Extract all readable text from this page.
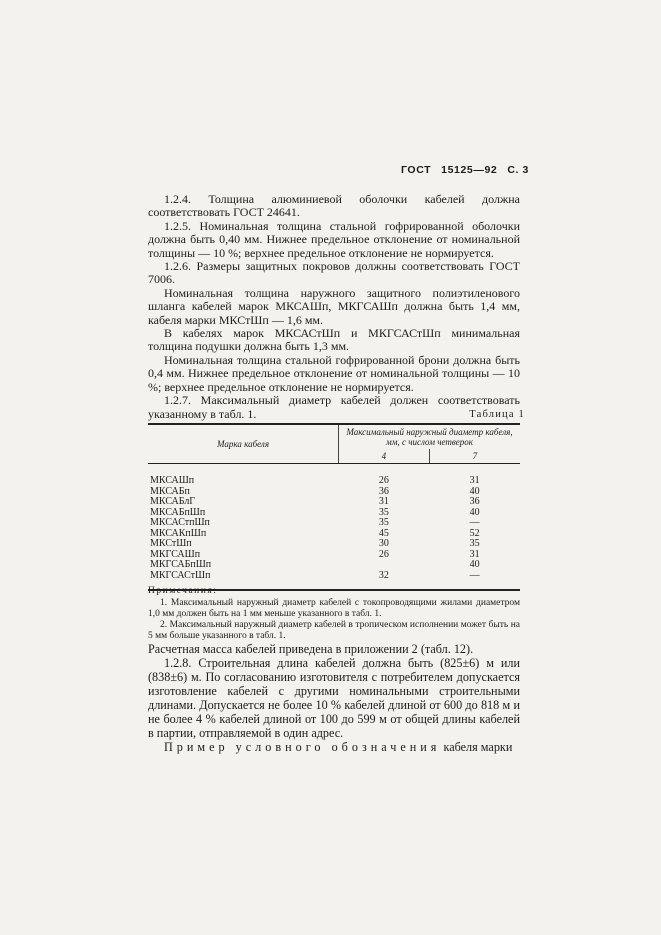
ГОСТ 15125—92 С. 3

1.2.4. Толщина алюминиевой оболочки кабелей должна соответствовать ГОСТ 24641.

1.2.5. Номинальная толщина стальной гофрированной оболочки должна быть 0,40 мм. Нижнее предельное отклонение от номинальной толщины — 10 %; верхнее предельное отклонение не нормируется.

1.2.6. Размеры защитных покровов должны соответствовать ГОСТ 7006.

Номинальная толщина наружного защитного полиэтиленового шланга кабелей марок МКСАШп, МКГСАШп должна быть 1,4 мм, кабеля марки МКСтШп — 1,6 мм.

В кабелях марок МКСАСтШп и МКГСАСтШп минимальная толщина подушки должна быть 1,3 мм.

Номинальная толщина стальной гофрированной брони должна быть 0,4 мм. Нижнее предельное отклонение от номинальной толщины — 10 %; верхнее предельное отклонение не нормируется.

1.2.7. Максимальный диаметр кабелей должен соответствовать указанному в табл. 1.	Таблица 1
Марка кабеля	Максимальный наружный диаметр кабеля, мм, с числом четверок	
	4	7
МКСАШп	26	31
МКСАБп	36	40
МКСАБлГ	31	36
МКСАБпШп	35	40
МКСАСтпШп	35	—
МКСАКпШп	45	52
МКСтШп	30	35
МКГСАШп	26	31
МКГСАБпШп		40
МКГСАСтШп	32	—

Примечания:

1. Максимальный наружный диаметр кабелей с токопроводящими жилами диаметром 1,0 мм должен быть на 1 мм меньше указанного в табл. 1.

2. Максимальный наружный диаметр кабелей в тропическом исполнении может быть на 5 мм больше указанного в табл. 1.

Расчетная масса кабелей приведена в приложении 2 (табл. 12).

1.2.8. Строительная длина кабелей должна быть (825±6) м или (838±6) м. По согласованию изготовителя с потребителем допускается изготовление кабелей с другими номинальными строительными длинами. Допускается не более 10 % кабелей длиной от 600 до 818 м и не более 4 % кабелей длиной от 100 до 599 м от общей длины кабелей в партии, отправляемой в один адрес.

Пример условного обозначения кабеля марки
